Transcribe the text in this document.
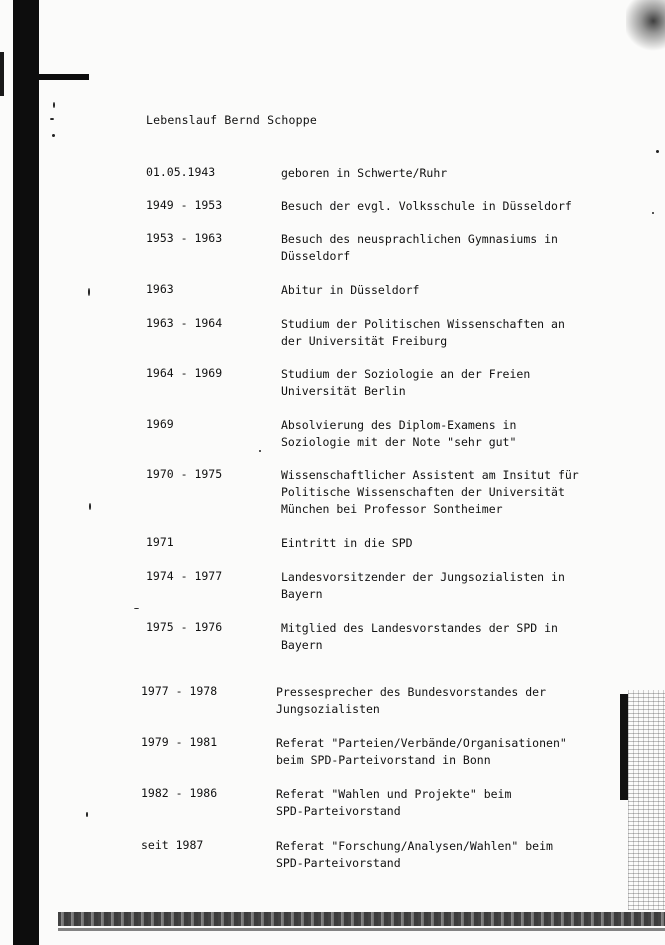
Lebenslauf Bernd Schoppe
01.05.1943	geboren in Schwerte/Ruhr
1949 - 1953	Besuch der evgl. Volksschule in Düsseldorf
1953 - 1963	Besuch des neusprachlichen Gymnasiums in
Düsseldorf
1963	Abitur in Düsseldorf
1963 - 1964	Studium der Politischen Wissenschaften an
der Universität Freiburg
1964 - 1969	Studium der Soziologie an der Freien
Universität Berlin
1969	Absolvierung des Diplom-Examens in
Soziologie mit der Note "sehr gut"
1970 - 1975	Wissenschaftlicher Assistent am Insitut für
Politische Wissenschaften der Universität
München bei Professor Sontheimer
1971	Eintritt in die SPD
1974 - 1977	Landesvorsitzender der Jungsozialisten in
Bayern
1975 - 1976	Mitglied des Landesvorstandes der SPD in
Bayern
1977 - 1978	Pressesprecher des Bundesvorstandes der
Jungsozialisten
1979 - 1981	Referat "Parteien/Verbände/Organisationen"
beim SPD-Parteivorstand in Bonn
1982 - 1986	Referat "Wahlen und Projekte" beim
SPD-Parteivorstand
seit 1987	Referat "Forschung/Analysen/Wahlen" beim
SPD-Parteivorstand
